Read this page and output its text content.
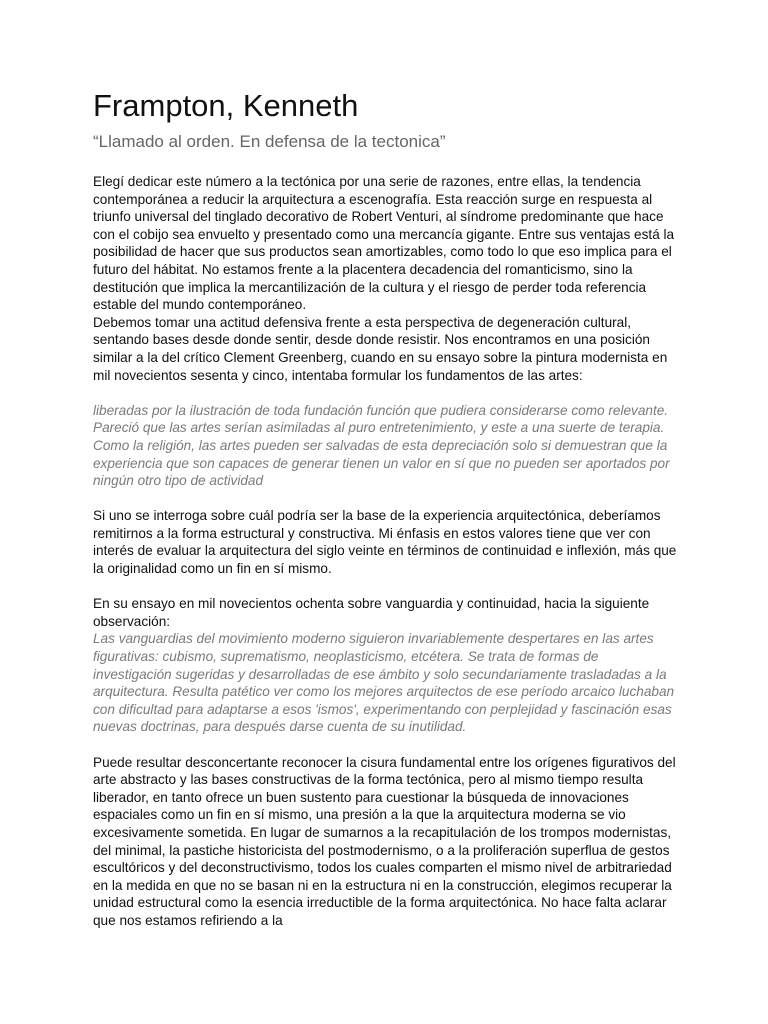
Frampton, Kenneth

“Llamado al orden. En defensa de la tectonica”

Elegí dedicar este número a la tectónica por una serie de razones, entre ellas, la tendencia contemporánea a reducir la arquitectura a escenografía. Esta reacción surge en respuesta al triunfo universal del tinglado decorativo de Robert Venturi, al síndrome predominante que hace con el cobijo sea envuelto y presentado como una mercancía gigante. Entre sus ventajas está la posibilidad de hacer que sus productos sean amortizables, como todo lo que eso implica para el futuro del hábitat. No estamos frente a la placentera decadencia del romanticismo, sino la destitución que implica la mercantilización de la cultura y el riesgo de perder toda referencia estable del mundo contemporáneo.

Debemos tomar una actitud defensiva frente a esta perspectiva de degeneración cultural, sentando bases desde donde sentir, desde donde resistir. Nos encontramos en una posición similar a la del crítico Clement Greenberg, cuando en su ensayo sobre la pintura modernista en mil novecientos sesenta y cinco, intentaba formular los fundamentos de las artes:

liberadas por la ilustración de toda fundación función que pudiera considerarse como relevante. Pareció que las artes serían asimiladas al puro entretenimiento, y este a una suerte de terapia. Como la religión, las artes pueden ser salvadas de esta depreciación solo si demuestran que la experiencia que son capaces de generar tienen un valor en sí que no pueden ser aportados por ningún otro tipo de actividad

Si uno se interroga sobre cuál podría ser la base de la experiencia arquitectónica, deberíamos remitirnos a la forma estructural y constructiva. Mi énfasis en estos valores tiene que ver con interés de evaluar la arquitectura del siglo veinte en términos de continuidad e inflexión, más que la originalidad como un fin en sí mismo.

En su ensayo en mil novecientos ochenta sobre vanguardia y continuidad, hacia la siguiente observación:

Las vanguardias del movimiento moderno siguieron invariablemente despertares en las artes figurativas: cubismo, suprematismo, neoplasticismo, etcétera. Se trata de formas de investigación sugeridas y desarrolladas de ese ámbito y solo secundariamente trasladadas a la arquitectura. Resulta patético ver como los mejores arquitectos de ese período arcaico luchaban con dificultad para adaptarse a esos 'ismos', experimentando con perplejidad y fascinación esas nuevas doctrinas, para después darse cuenta de su inutilidad.

Puede resultar desconcertante reconocer la cisura fundamental entre los orígenes figurativos del arte abstracto y las bases constructivas de la forma tectónica, pero al mismo tiempo resulta liberador, en tanto ofrece un buen sustento para cuestionar la búsqueda de innovaciones espaciales como un fin en sí mismo, una presión a la que la arquitectura moderna se vio excesivamente sometida. En lugar de sumarnos a la recapitulación de los trompos modernistas, del minimal, la pastiche historicista del postmodernismo, o a la proliferación superflua de gestos escultóricos y del deconstructivismo, todos los cuales comparten el mismo nivel de arbitrariedad en la medida en que no se basan ni en la estructura ni en la construcción, elegimos recuperar la unidad estructural como la esencia irreductible de la forma arquitectónica. No hace falta aclarar que nos estamos refiriendo a la
